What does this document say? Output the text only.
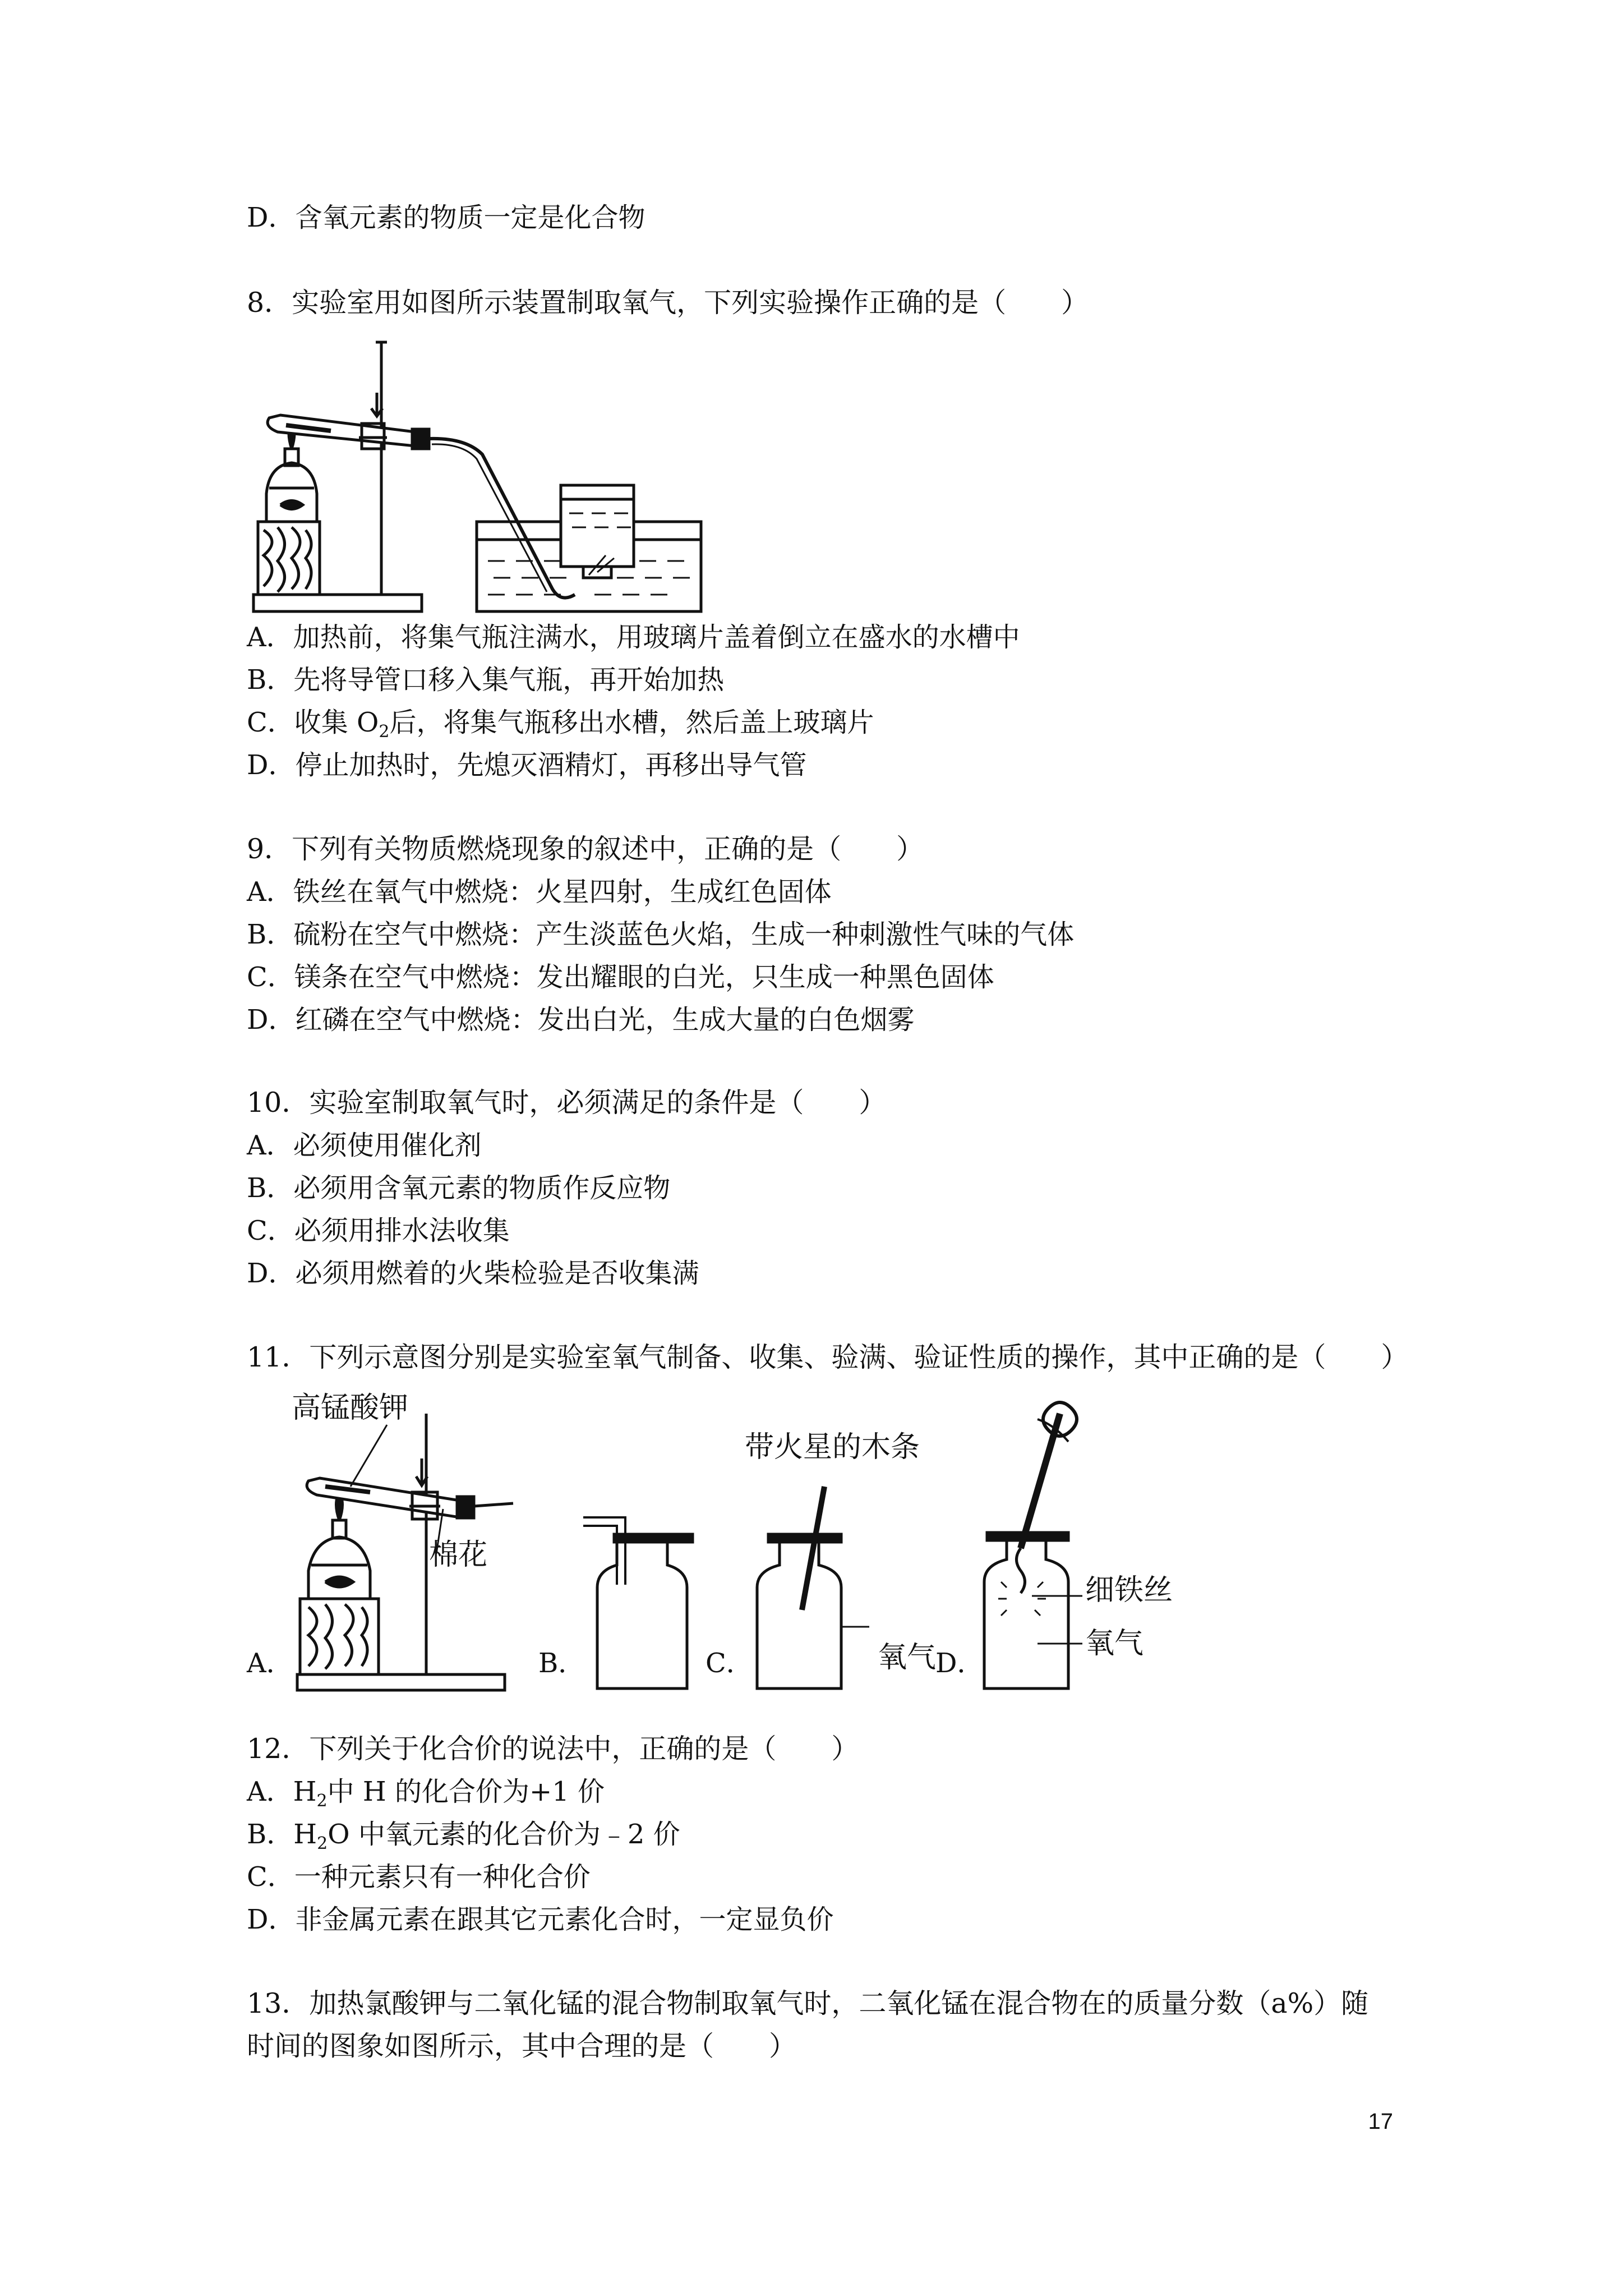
D．含氧元素的物质一定是化合物
8．实验室用如图所示装置制取氧气，下列实验操作正确的是（　　）
A．加热前，将集气瓶注满水，用玻璃片盖着倒立在盛水的水槽中
B．先将导管口移入集气瓶，再开始加热
C．收集 $O_2$后，将集气瓶移出水槽，然后盖上玻璃片
D．停止加热时，先熄灭酒精灯，再移出导气管
9．下列有关物质燃烧现象的叙述中，正确的是（　　）
A．铁丝在氧气中燃烧：火星四射，生成红色固体
B．硫粉在空气中燃烧：产生淡蓝色火焰，生成一种刺激性气味的气体
C．镁条在空气中燃烧：发出耀眼的白光，只生成一种黑色固体
D．红磷在空气中燃烧：发出白光，生成大量的白色烟雾
10．实验室制取氧气时，必须满足的条件是（　　）
A．必须使用催化剂
B．必须用含氧元素的物质作反应物
C．必须用排水法收集
D．必须用燃着的火柴检验是否收集满
11．下列示意图分别是实验室氧气制备、收集、验满、验证性质的操作，其中正确的是（　　）
高锰酸钾
棉花
A．	B．
带火星的木条
氧气
C．
细铁丝
氧气
D．
12．下列关于化合价的说法中，正确的是（　　）
A．$H_2$中 H 的化合价为+1 价
B．$H_2O$ 中氧元素的化合价为﹣2 价
C．一种元素只有一种化合价
D．非金属元素在跟其它元素化合时，一定显负价
13．加热氯酸钾与二氧化锰的混合物制取氧气时，二氧化锰在混合物在的质量分数（a%）随
时间的图象如图所示，其中合理的是（　　）
17
